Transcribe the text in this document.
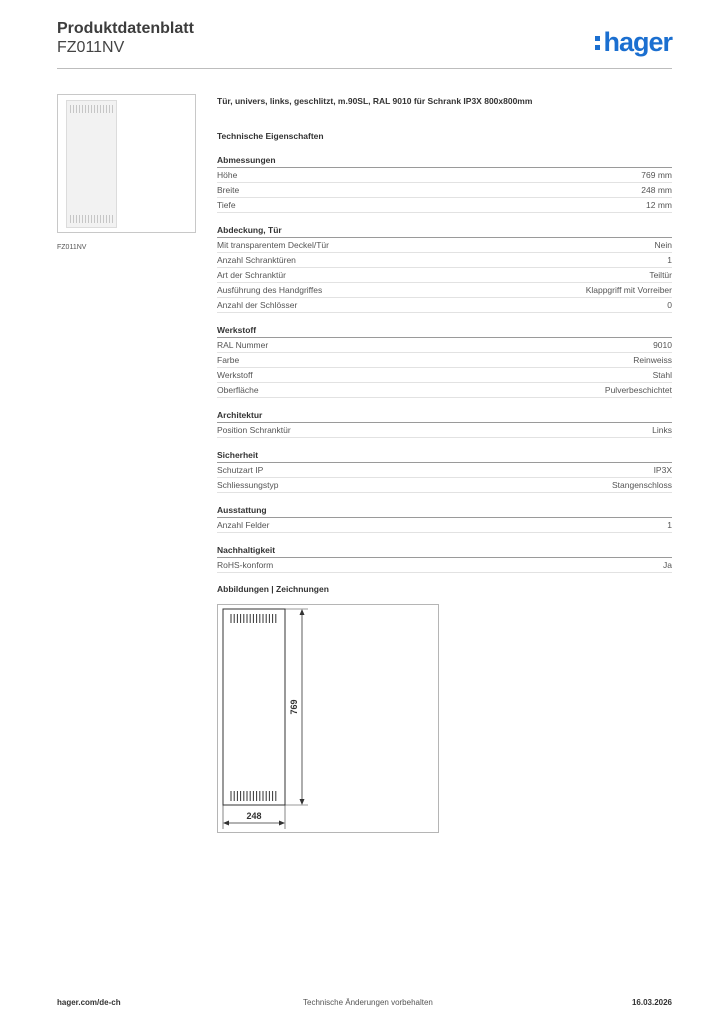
Produktdatenblatt
FZ011NV	hager
FZ011NV
Tür, univers, links, geschlitzt, m.90SL, RAL 9010 für Schrank IP3X 800x800mm
Technische Eigenschaften
Abmessungen
Höhe	769 mm
Breite	248 mm
Tiefe	12 mm
Abdeckung, Tür
Mit transparentem Deckel/Tür	Nein
Anzahl Schranktüren	1
Art der Schranktür	Teiltür
Ausführung des Handgriffes	Klappgriff mit Vorreiber
Anzahl der Schlösser	0
Werkstoff
RAL Nummer	9010
Farbe	Reinweiss
Werkstoff	Stahl
Oberfläche	Pulverbeschichtet
Architektur
Position Schranktür	Links
Sicherheit
Schutzart IP	IP3X
Schliessungstyp	Stangenschloss
Ausstattung
Anzahl Felder	1
Nachhaltigkeit
RoHS-konform	Ja
Abbildungen | Zeichnungen
769
248
hager.com/de-ch	Technische Änderungen vorbehalten	16.03.2026
